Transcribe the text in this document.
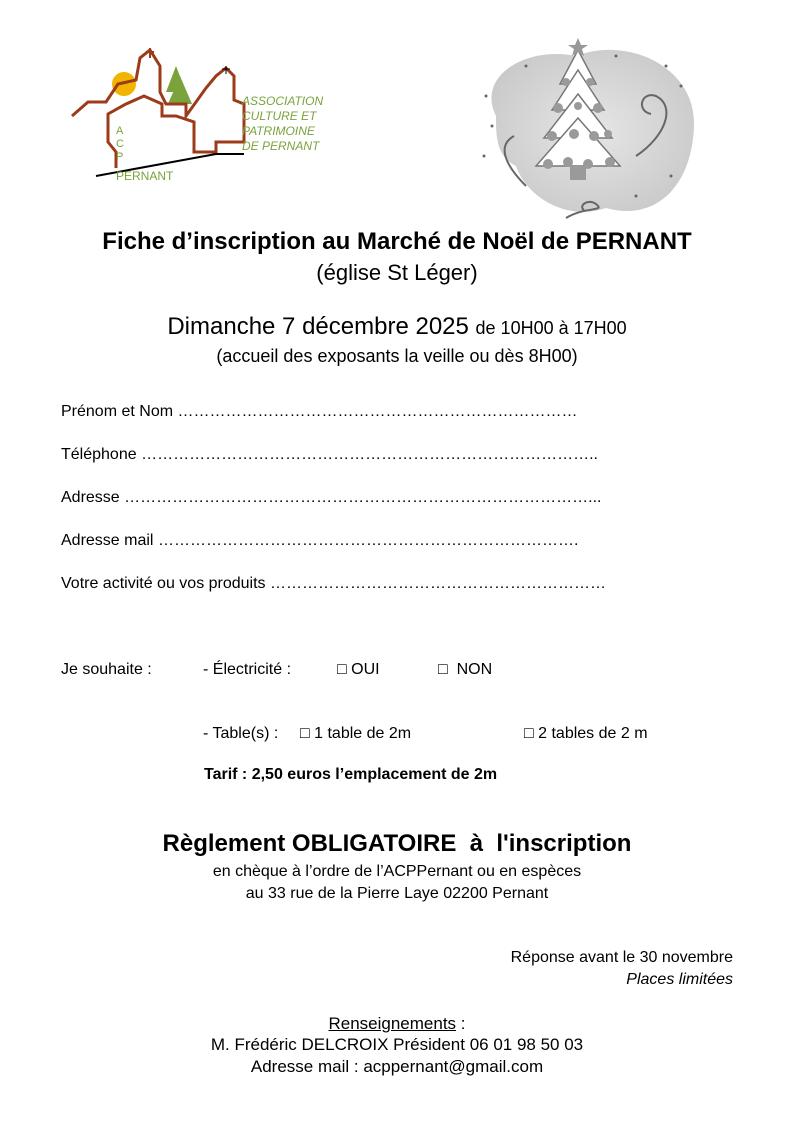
A
C
P
PERNANT
ASSOCIATION
CULTURE ET
PATRIMOINE
DE PERNANT
Fiche d’inscription au Marché de Noël de PERNANT
(église St Léger)
Dimanche 7 décembre 2025 de 10H00 à 17H00
(accueil des exposants la veille ou dès 8H00)
Prénom et Nom …………………………………………………………………
Téléphone …………………………………………………………………………..
Adresse ……………………………………………………………………………...
Adresse mail …………………………………………………………………….
Votre activité ou vos produits ………………………………………………………
Je souhaite :	- Électricité :	□ OUI	□ NON
- Table(s) : □ 1 table de 2m	□ 2 tables de 2 m
Tarif : 2,50 euros l’emplacement de 2m
Règlement OBLIGATOIRE  à  l'inscription
en chèque à l’ordre de l’ACPPernant ou en espèces
au 33 rue de la Pierre Laye 02200 Pernant
Réponse avant le 30 novembre
Places limitées
Renseignements :
M. Frédéric DELCROIX Président 06 01 98 50 03
Adresse mail : acppernant@gmail.com
